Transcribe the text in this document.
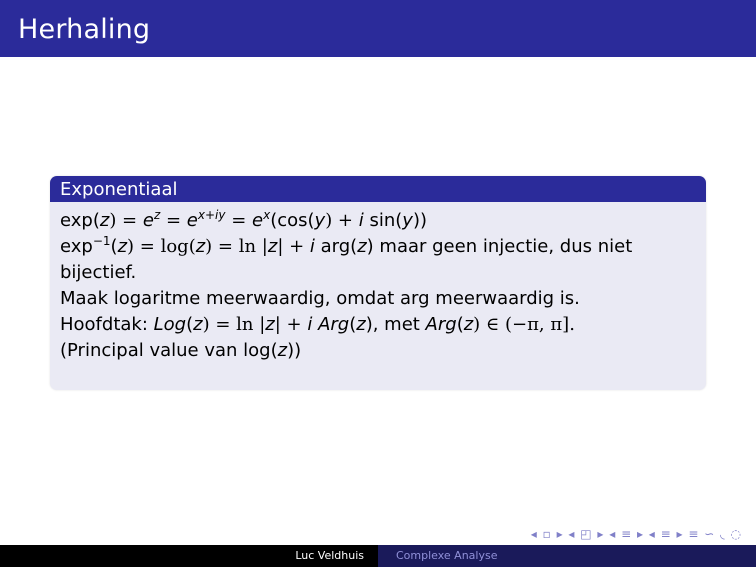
Herhaling
Exponentiaal
$\exp(z) = e^z = e^{x+iy} = e^x(\cos(y) + i$ sin(y))
$\exp^{-1}(z) = \log(z) = \ln |z| + i$ arg(z) maar geen injectie, dus niet
bijectief.
Maak logaritme meerwaardig, omdat arg meerwaardig is.
Hoofdtak: Log(z) = ln |z| + i Arg(z), met Arg(z) ∈ (−π, π].
(Principal value van log(z))
◂ ▫ ▸ ◂ ◰ ▸ ◂ ≡ ▸ ◂ ≡ ▸ ≡ ∽ ◟ ◌
Luc Veldhuis	Complexe Analyse
